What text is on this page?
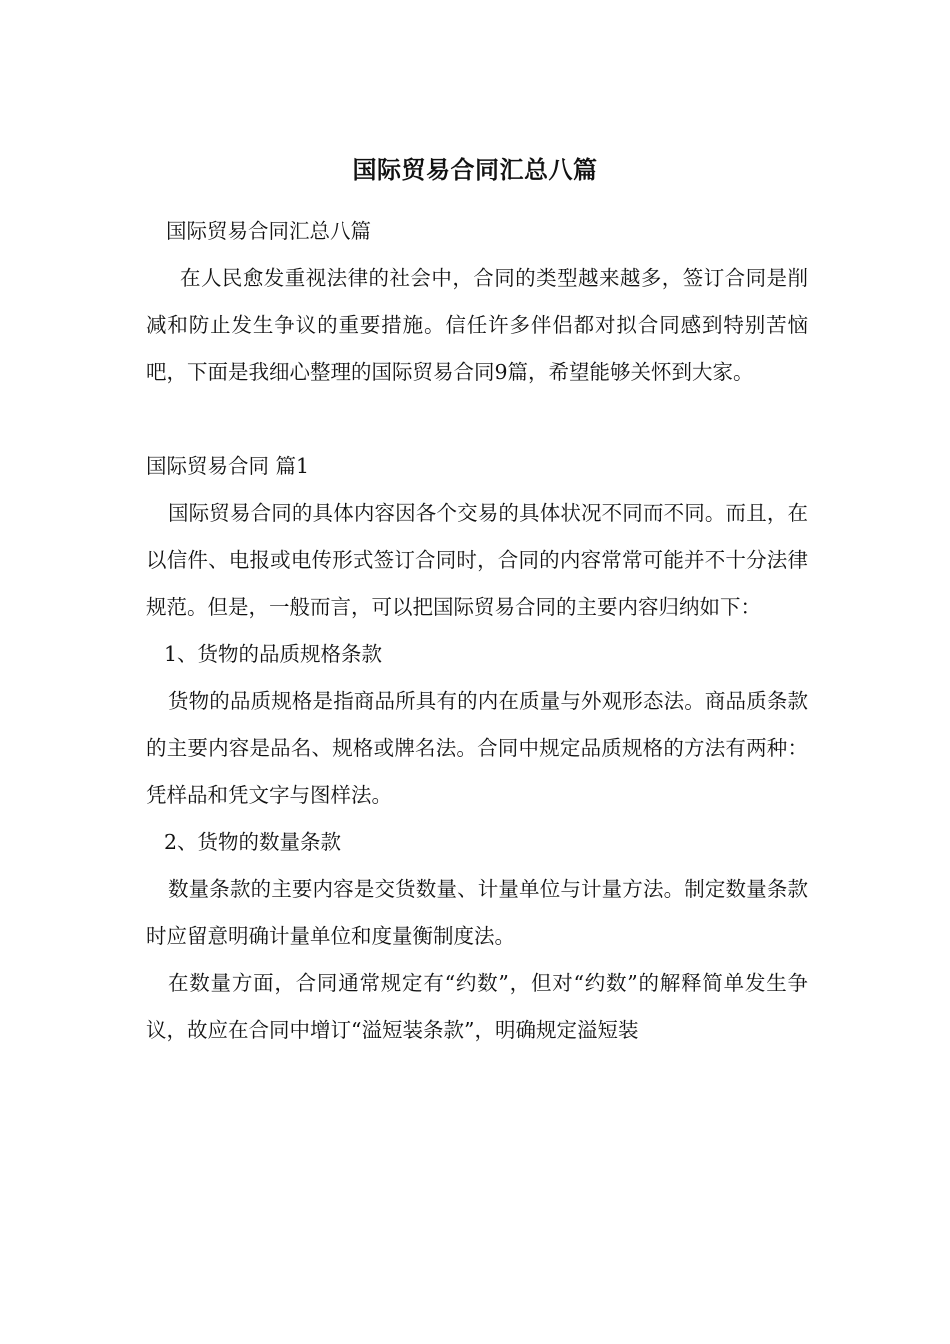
国际贸易合同汇总八篇

国际贸易合同汇总八篇

在人民愈发重视法律的社会中，合同的类型越来越多，签订合同是削减和防止发生争议的重要措施。信任许多伴侣都对拟合同感到特别苦恼吧，下面是我细心整理的国际贸易合同9篇，希望能够关怀到大家。

国际贸易合同 篇1

国际贸易合同的具体内容因各个交易的具体状况不同而不同。而且，在以信件、电报或电传形式签订合同时，合同的内容常常可能并不十分法律规范。但是，一般而言，可以把国际贸易合同的主要内容归纳如下：

1、货物的品质规格条款

货物的品质规格是指商品所具有的内在质量与外观形态法。商品质条款的主要内容是品名、规格或牌名法。合同中规定品质规格的方法有两种：凭样品和凭文字与图样法。

2、货物的数量条款

数量条款的主要内容是交货数量、计量单位与计量方法。制定数量条款时应留意明确计量单位和度量衡制度法。

在数量方面，合同通常规定有“约数”，但对“约数”的解释简单发生争议，故应在合同中增订“溢短装条款”，明确规定溢短装
